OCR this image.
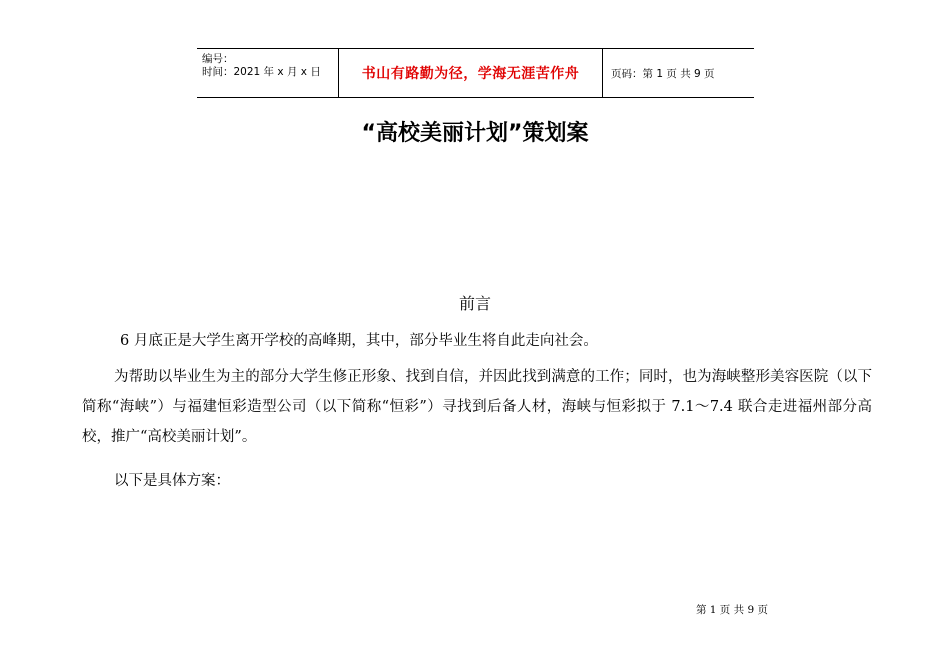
编号：
时间：2021 年 x 月 x 日	书山有路勤为径，学海无涯苦作舟	页码：第 1 页 共 9 页
“高校美丽计划”策划案
前言

6 月底正是大学生离开学校的高峰期，其中，部分毕业生将自此走向社会。

为帮助以毕业生为主的部分大学生修正形象、找到自信，并因此找到满意的工作；同时，也为海峡整形美容医院（以下简称“海峡”）与福建恒彩造型公司（以下简称“恒彩”）寻找到后备人材，海峡与恒彩拟于 7.1～7.4 联合走进福州部分高校，推广“高校美丽计划”。

以下是具体方案：

第 1 页 共 9 页
